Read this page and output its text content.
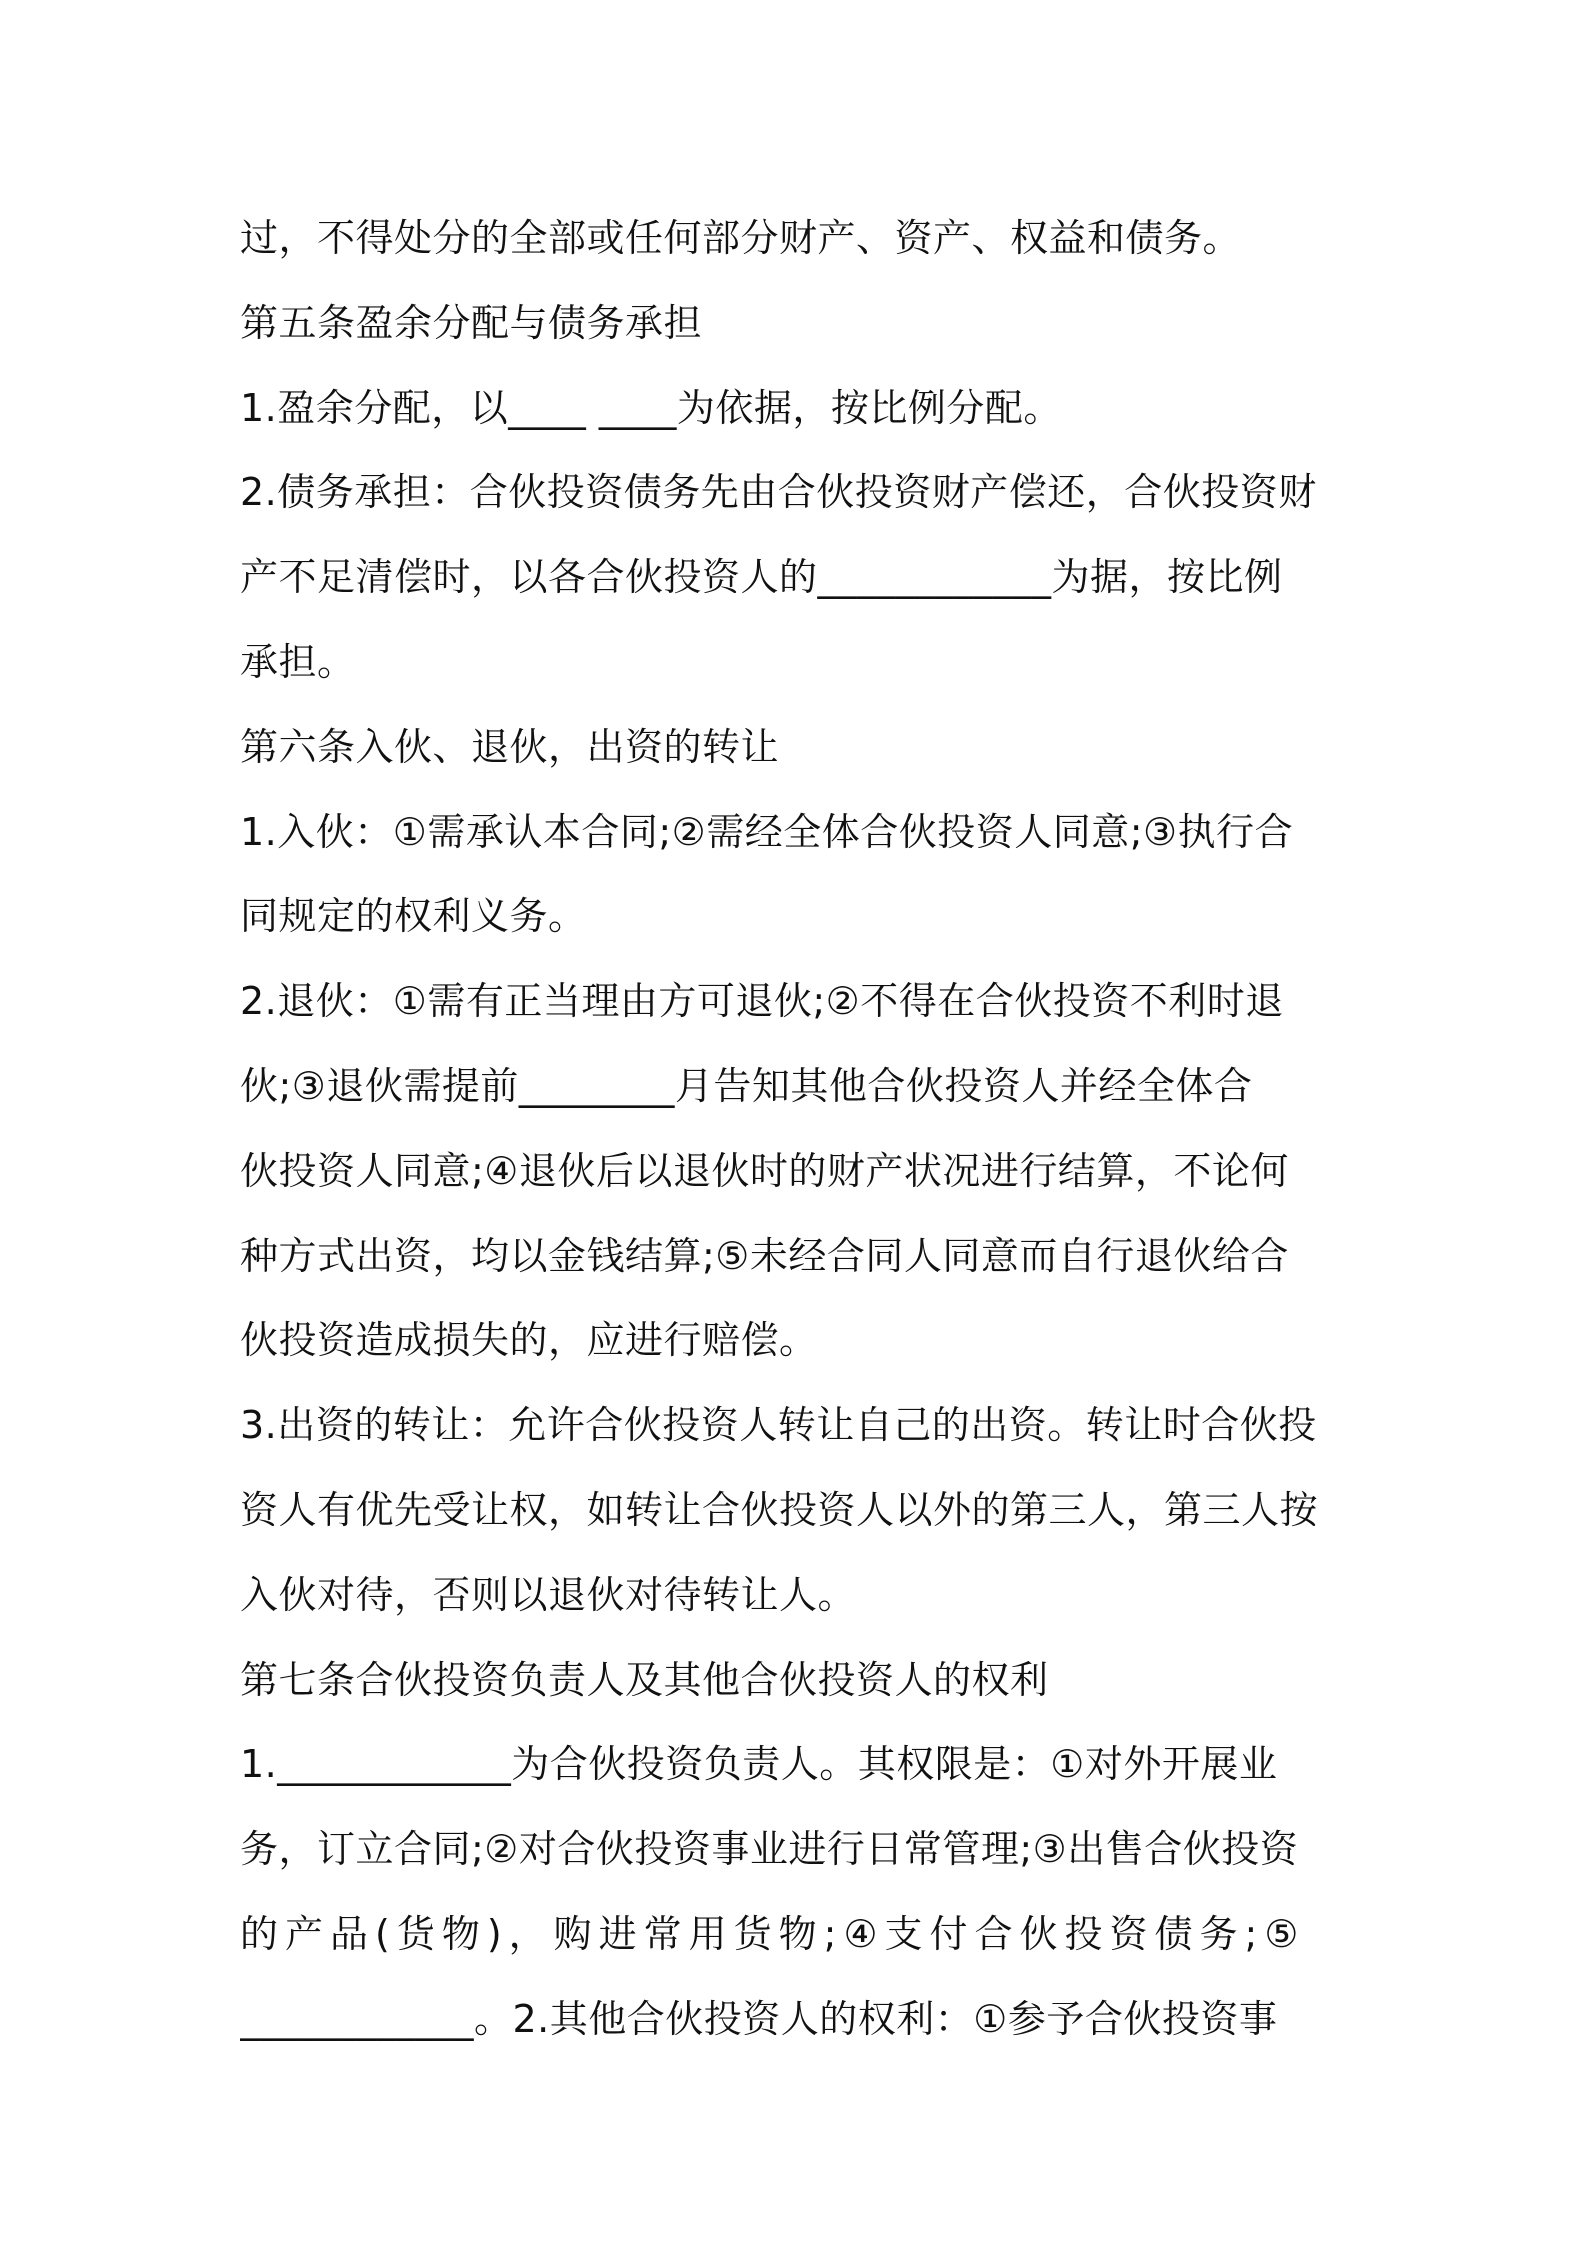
过，不得处分的全部或任何部分财产、资产、权益和债务。
第五条盈余分配与债务承担
1.盈余分配，以____ ____为依据，按比例分配。
2.债务承担：合伙投资债务先由合伙投资财产偿还，合伙投资财
产不足清偿时，以各合伙投资人的____________为据，按比例
承担。
第六条入伙、退伙，出资的转让
1.入伙：①需承认本合同;②需经全体合伙投资人同意;③执行合
同规定的权利义务。
2.退伙：①需有正当理由方可退伙;②不得在合伙投资不利时退
伙;③退伙需提前________月告知其他合伙投资人并经全体合
伙投资人同意;④退伙后以退伙时的财产状况进行结算，不论何
种方式出资，均以金钱结算;⑤未经合同人同意而自行退伙给合
伙投资造成损失的，应进行赔偿。
3.出资的转让：允许合伙投资人转让自己的出资。转让时合伙投
资人有优先受让权，如转让合伙投资人以外的第三人，第三人按
入伙对待，否则以退伙对待转让人。
第七条合伙投资负责人及其他合伙投资人的权利
1.____________为合伙投资负责人。其权限是：①对外开展业
务，订立合同;②对合伙投资事业进行日常管理;③出售合伙投资
的产品(货物)，购进常用货物;④支付合伙投资债务;⑤
____________。2.其他合伙投资人的权利：①参予合伙投资事
